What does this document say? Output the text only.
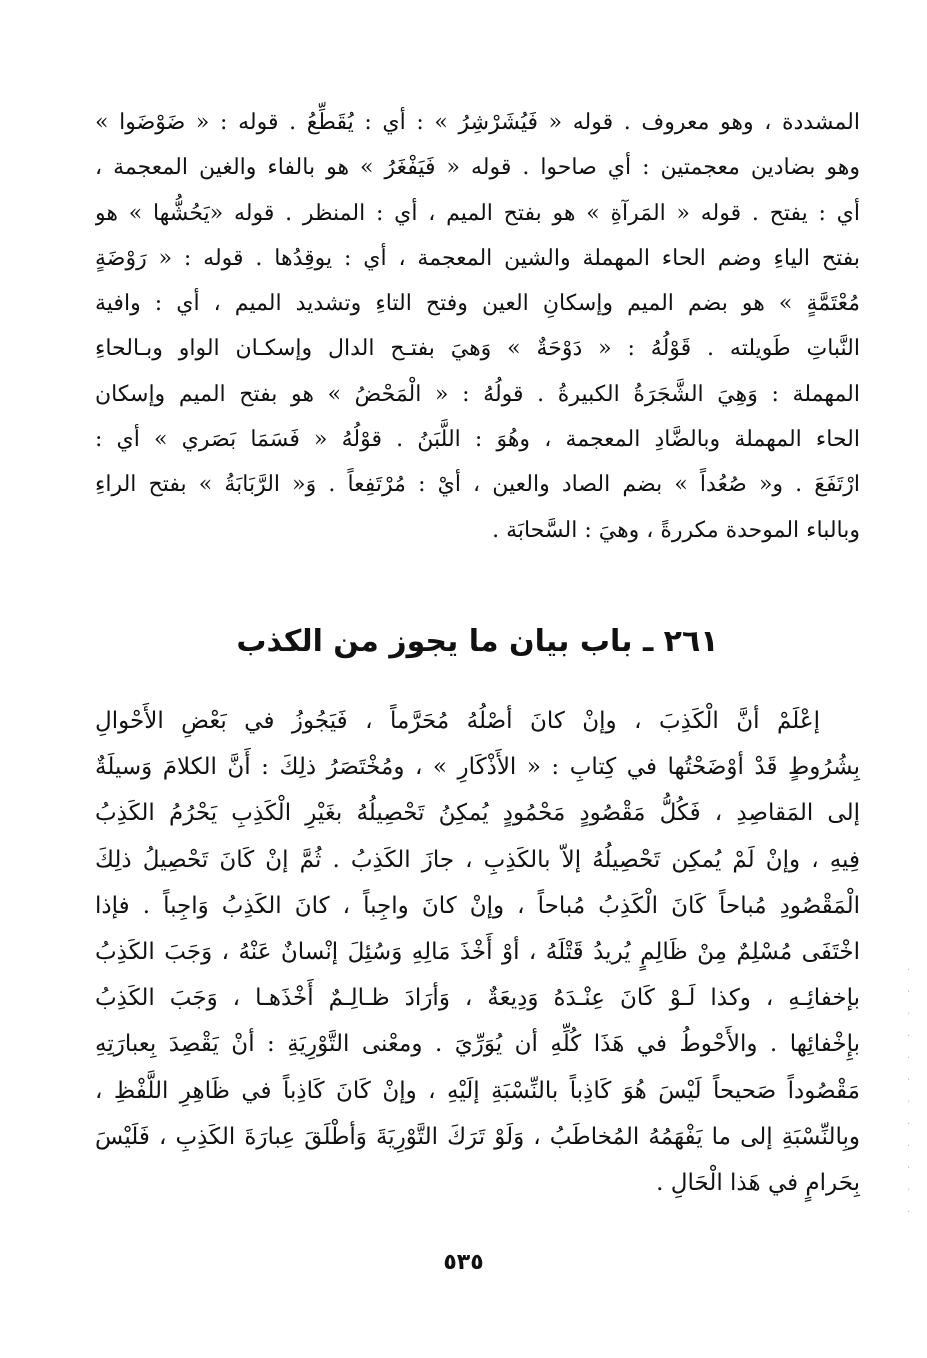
المشددة ، وهو معروف . قوله « فَيُشَرْشِرُ » : أي : يُقَطِّعُ . قوله : « ضَوْضَوا »
وهو بضادين معجمتين : أي صاحوا . قوله « فَيَفْغَرُ » هو بالفاء والغين المعجمة ،
أي : يفتح . قوله « المَرآةِ » هو بفتح الميم ، أي : المنظر . قوله «يَحُشُّها » هو
بفتح الياءِ وضم الحاء المهملة والشين المعجمة ، أي : يوقِدُها . قوله : « رَوْضَةٍ
مُعْتَمَّةٍ » هو بضم الميم وإسكانِ العين وفتح التاءِ وتشديد الميم ، أي : وافية
النَّباتِ طَويلته . قَوْلُهُ : « دَوْحَةٌ » وَهيَ بفتـح الدال وإسكـان الواو وبـالحاءِ
المهملة : وَهِيَ الشَّجَرَةُ الكبيرةُ . قولُهُ : « الْمَحْضُ » هو بفتح الميم وإسكان
الحاء المهملة وبالضَّادِ المعجمة ، وهُوَ : اللَّبَنُ . قوْلُهُ « فَسَمَا بَصَري » أي :
ارْتَفَعَ . و« صُعُداً » بضم الصاد والعين ، أيْ : مُرْتَفِعاً . وَ« الرَّبَابَةُ » بفتح الراءِ
وبالباء الموحدة مكررةً ، وهيَ : السَّحابَة .
٢٦١ ـ باب بيان ما يجوز من الكذب
إعْلَمْ أنَّ الْكَذِبَ ، وإنْ كانَ أصْلُهُ مُحَرَّماً ، فَيَجُوزُ في بَعْضِ الأَحْوالِ
بِشُرُوطٍ قَدْ أوْضَحْتُها في كِتابِ : « الأَذْكَارِ » ، ومُخْتَصَرُ ذلِكَ : أَنَّ الكلامَ وَسيلَةٌ
إلى المَقاصِدِ ، فَكُلُّ مَقْصُودٍ مَحْمُودٍ يُمكِنُ تَحْصِيلُهُ بغَيْرِ الْكَذِبِ يَحْرُمُ الكَذِبُ
فِيهِ ، وإنْ لَمْ يُمكِن تَحْصِيلُهُ إلاّ بالكَذِبِ ، جازَ الكَذِبُ . ثُمَّ إنْ كَانَ تَحْصِيلُ ذلِكَ
الْمَقْصُودِ مُباحاً كَانَ الْكَذِبُ مُباحاً ، وإنْ كانَ واجِباً ، كانَ الكَذِبُ وَاجِباً . فإذا
اخْتَفَى مُسْلِمٌ مِنْ ظَالِمٍ يُريدُ قَتْلَهُ ، أوْ أَخْذَ مَالِهِ وَسُئِلَ إنْسانٌ عَنْهُ ، وَجَبَ الكَذِبُ
بإخفائِـهِ ، وكذا لَـوْ كَانَ عِنْـدَهُ وَدِيعَةٌ ، وَأرَادَ ظـالِـمٌ أَخْذَهـا ، وَجَبَ الكَذِبُ
بإِخْفائِها . والأَحْوطُ في هَذَا كُلِّهِ أن يُوَرِّيَ . ومعْنى التَّوْرِيَةِ : أنْ يَقْصِدَ بِعبارَتِهِ
مَقْصُوداً صَحيحاً لَيْسَ هُوَ كَاذِباً بالنِّسْبَةِ إلَيْهِ ، وإنْ كَانَ كَاذِباً في ظَاهِرِ اللَّفْظِ ،
وبِالنِّسْبَةِ إلى ما يَفْهَمُهُ المُخاطَبُ ، وَلَوْ تَرَكَ التَّوْرِيَةَ وَأطْلَقَ عِبارَةَ الكَذِبِ ، فَلَيْسَ
بِحَرامٍ في هَذا الْحَالِ .
٥٣٥
·
·
·
·
·
·
·
·
·
·
·
·
